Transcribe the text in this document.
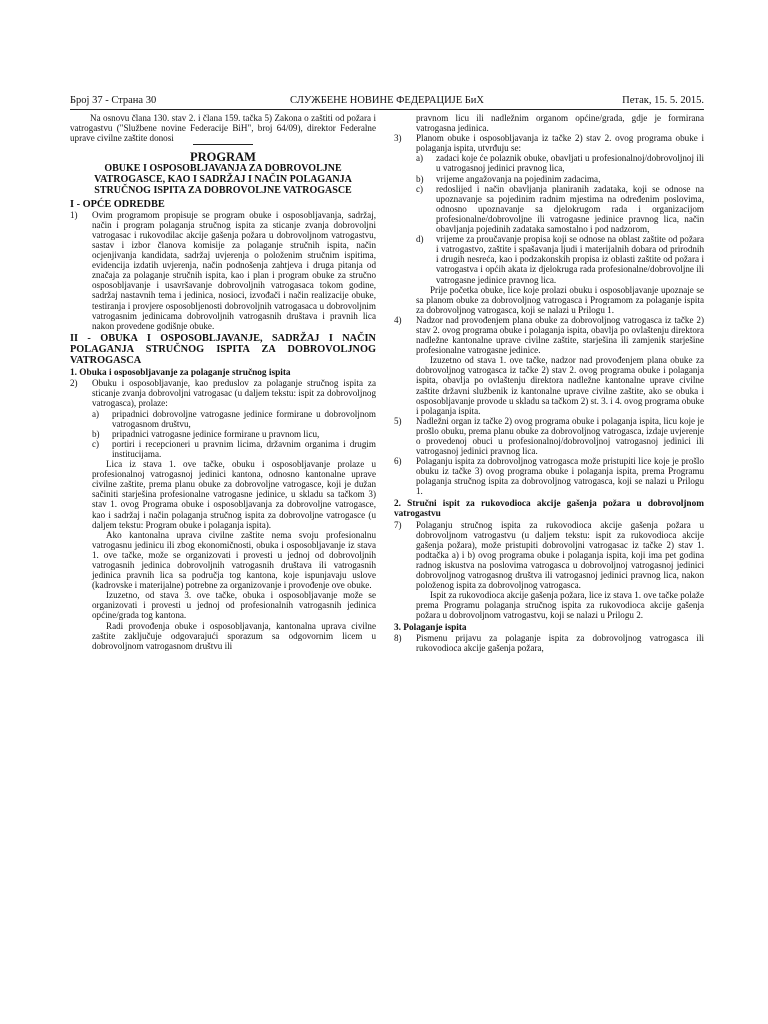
Број 37 - Страна 30	СЛУЖБЕНЕ НОВИНЕ ФЕДЕРАЦИЈЕ БиХ	Петак, 15. 5. 2015.

Na osnovu člana 130. stav 2. i člana 159. tačka 5) Zakona o zaštiti od požara i vatrogastvu ("Službene novine Federacije BiH", broj 64/09), direktor Federalne uprave civilne zaštite donosi

PROGRAM
OBUKE I OSPOSOBLJAVANJA ZA DOBROVOLJNE VATROGASCE, KAO I SADRŽAJ I NAČIN POLAGANJA STRUČNOG ISPITA ZA DOBROVOLJNE VATROGASCE
I - OPĆE ODREDBE
1) Ovim programom propisuje se program obuke i osposobljavanja, sadržaj, način i program polaganja stručnog ispita za sticanje zvanja dobrovoljni vatrogasac i rukovodilac akcije gašenja požara u dobrovoljnom vatrogastvu, sastav i izbor članova komisije za polaganje stručnih ispita, način ocjenjivanja kandidata, sadržaj uvjerenja o položenim stručnim ispitima, evidencija izdatih uvjerenja, način podnošenja zahtjeva i druga pitanja od značaja za polaganje stručnih ispita, kao i plan i program obuke za stručno osposobljavanje i usavršavanje dobrovoljnih vatrogasaca tokom godine, sadržaj nastavnih tema i jedinica, nosioci, izvođači i način realizacije obuke, testiranja i provjere osposobljenosti dobrovoljnih vatrogasaca u dobrovoljnim vatrogasnim jedinicama dobrovoljnih vatrogasnih društava i pravnih lica nakon provedene godišnje obuke.

II - OBUKA I OSPOSOBLJAVANJE, SADRŽAJ I NAČIN POLAGANJA STRUČNOG ISPITA ZA DOBROVOLJNOG VATROGASCA
1. Obuka i osposobljavanje za polaganje stručnog ispita
2) Obuku i osposobljavanje, kao preduslov za polaganje stručnog ispita za sticanje zvanja dobrovoljni vatrogasac (u daljem tekstu: ispit za dobrovoljnog vatrogasca), prolaze:

a) pripadnici dobrovoljne vatrogasne jedinice formirane u dobrovoljnom vatrogasnom društvu,

b) pripadnici vatrogasne jedinice formirane u pravnom licu,

c) portiri i recepcioneri u pravnim licima, državnim organima i drugim institucijama.

Lica iz stava 1. ove tačke, obuku i osposobljavanje prolaze u profesionalnoj vatrogasnoj jedinici kantona, odnosno kantonalne uprave civilne zaštite, prema planu obuke za dobrovoljne vatrogasce, koji je dužan sačiniti starješina profesionalne vatrogasne jedinice, u skladu sa tačkom 3) stav 1. ovog Programa obuke i osposobljavanja za dobrovoljne vatrogasce, kao i sadržaj i način polaganja stručnog ispita za dobrovoljne vatrogasce (u daljem tekstu: Program obuke i polaganja ispita).

Ako kantonalna uprava civilne zaštite nema svoju profesionalnu vatrogasnu jedinicu ili zbog ekonomičnosti, obuka i osposobljavanje iz stava 1. ove tačke, može se organizovati i provesti u jednoj od dobrovoljnih vatrogasnih jedinica dobrovoljnih vatrogasnih društava ili vatrogasnih jedinica pravnih lica sa područja tog kantona, koje ispunjavaju uslove (kadrovske i materijalne) potrebne za organizovanje i provođenje ove obuke.

Izuzetno, od stava 3. ove tačke, obuka i osposobljavanje može se organizovati i provesti u jednoj od profesionalnih vatrogasnih jedinica općine/grada tog kantona.

Radi provođenja obuke i osposobljavanja, kantonalna uprava civilne zaštite zaključuje odgovarajući sporazum sa odgovornim licem u dobrovoljnom vatrogasnom društvu ili

pravnom licu ili nadležnim organom općine/grada, gdje je formirana vatrogasna jedinica.

3) Planom obuke i osposobljavanja iz tačke 2) stav 2. ovog programa obuke i polaganja ispita, utvrđuju se:

a) zadaci koje će polaznik obuke, obavljati u profesionalnoj/dobrovoljnoj ili u vatrogasnoj jedinici pravnog lica,

b) vrijeme angažovanja na pojedinim zadacima,

c) redoslijed i način obavljanja planiranih zadataka, koji se odnose na upoznavanje sa pojedinim radnim mjestima na određenim poslovima, odnosno upoznavanje sa djelokrugom rada i organizacijom profesionalne/dobrovoljne ili vatrogasne jedinice pravnog lica, način obavljanja pojedinih zadataka samostalno i pod nadzorom,

d) vrijeme za proučavanje propisa koji se odnose na oblast zaštite od požara i vatrogastvo, zaštite i spašavanja ljudi i materijalnih dobara od prirodnih i drugih nesreća, kao i podzakonskih propisa iz oblasti zaštite od požara i vatrogastva i općih akata iz djelokruga rada profesionalne/dobrovoljne ili vatrogasne jedinice pravnog lica.

Prije početka obuke, lice koje prolazi obuku i osposobljavanje upoznaje se sa planom obuke za dobrovoljnog vatrogasca i Programom za polaganje ispita za dobrovoljnog vatrogasca, koji se nalazi u Prilogu 1.

4) Nadzor nad provođenjem plana obuke za dobrovoljnog vatrogasca iz tačke 2) stav 2. ovog programa obuke i polaganja ispita, obavlja po ovlaštenju direktora nadležne kantonalne uprave civilne zaštite, starješina ili zamjenik starješine profesionalne vatrogasne jedinice.

Izuzetno od stava 1. ove tačke, nadzor nad provođenjem plana obuke za dobrovoljnog vatrogasca iz tačke 2) stav 2. ovog programa obuke i polaganja ispita, obavlja po ovlaštenju direktora nadležne kantonalne uprave civilne zaštite državni službenik iz kantonalne uprave civilne zaštite, ako se obuka i osposobljavanje provode u skladu sa tačkom 2) st. 3. i 4. ovog programa obuke i polaganja ispita.

5) Nadležni organ iz tačke 2) ovog programa obuke i polaganja ispita, licu koje je prošlo obuku, prema planu obuke za dobrovoljnog vatrogasca, izdaje uvjerenje o provedenoj obuci u profesionalnoj/dobrovoljnoj vatrogasnoj jedinici ili vatrogasnoj jedinici pravnog lica.

6) Polaganju ispita za dobrovoljnog vatrogasca može pristupiti lice koje je prošlo obuku iz tačke 3) ovog programa obuke i polaganja ispita, prema Programu polaganja stručnog ispita za dobrovoljnog vatrogasca, koji se nalazi u Prilogu 1.

2. Stručni ispit za rukovodioca akcije gašenja požara u dobrovoljnom vatrogastvu
7) Polaganju stručnog ispita za rukovodioca akcije gašenja požara u dobrovoljnom vatrogastvu (u daljem tekstu: ispit za rukovodioca akcije gašenja požara), može pristupiti dobrovoljni vatrogasac iz tačke 2) stav 1. podtačka a) i b) ovog programa obuke i polaganja ispita, koji ima pet godina radnog iskustva na poslovima vatrogasca u dobrovoljnoj vatrogasnoj jedinici dobrovoljnog vatrogasnog društva ili vatrogasnoj jedinici pravnog lica, nakon položenog ispita za dobrovoljnog vatrogasca.

Ispit za rukovodioca akcije gašenja požara, lice iz stava 1. ove tačke polaže prema Programu polaganja stručnog ispita za rukovodioca akcije gašenja požara u dobrovoljnom vatrogastvu, koji se nalazi u Prilogu 2.

3. Polaganje ispita
8) Pismenu prijavu za polaganje ispita za dobrovoljnog vatrogasca ili rukovodioca akcije gašenja požara,
